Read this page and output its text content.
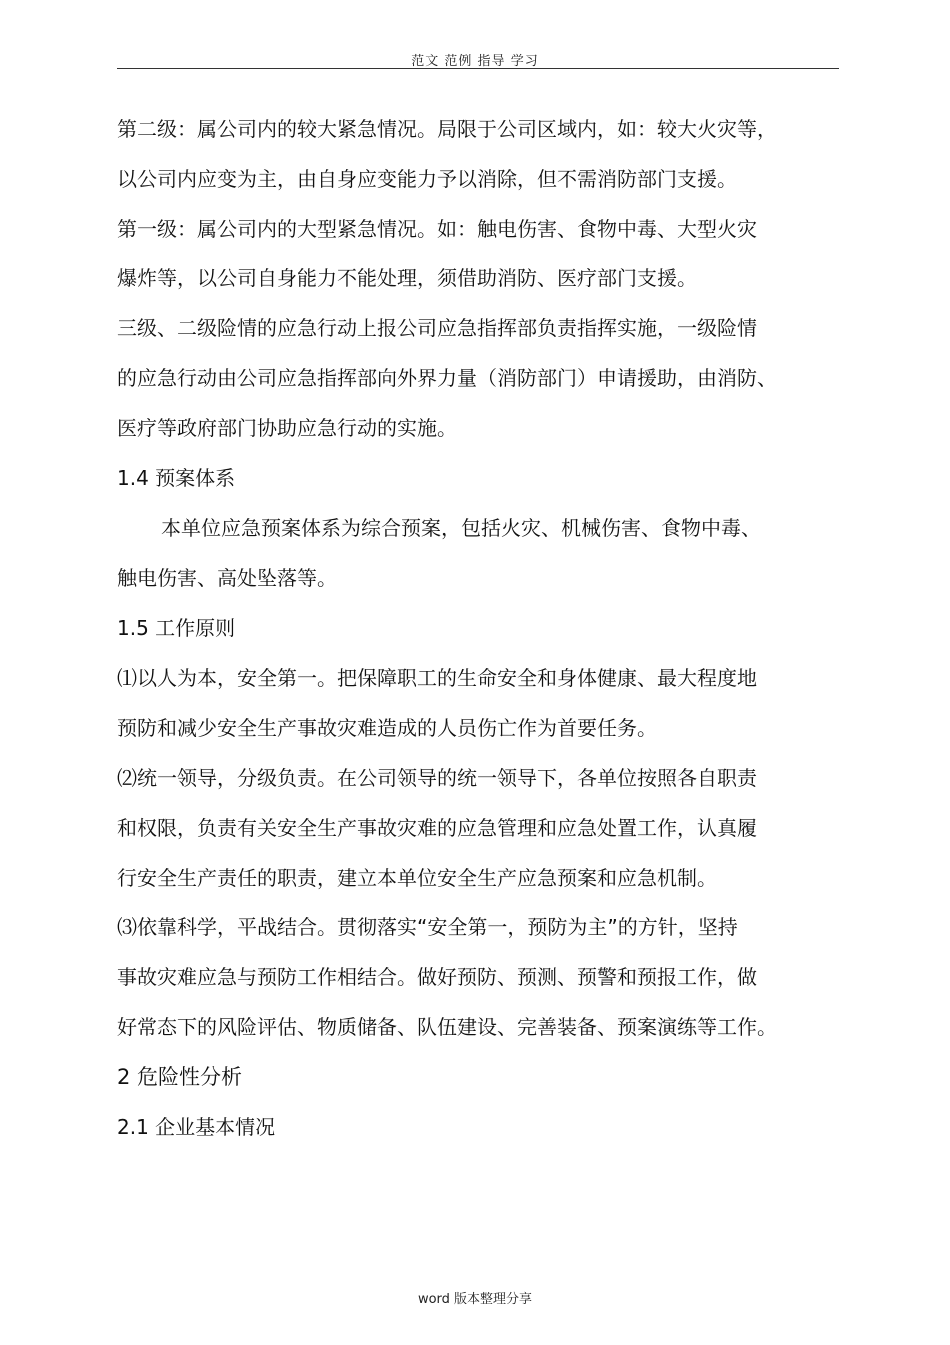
范文 范例 指导 学习
第二级：属公司内的较大紧急情况。局限于公司区域内，如：较大火灾等，
以公司内应变为主，由自身应变能力予以消除，但不需消防部门支援。
第一级：属公司内的大型紧急情况。如：触电伤害、食物中毒、大型火灾
爆炸等，以公司自身能力不能处理，须借助消防、医疗部门支援。
三级、二级险情的应急行动上报公司应急指挥部负责指挥实施，一级险情
的应急行动由公司应急指挥部向外界力量（消防部门）申请援助，由消防、
医疗等政府部门协助应急行动的实施。
1.4 预案体系
本单位应急预案体系为综合预案，包括火灾、机械伤害、食物中毒、
触电伤害、高处坠落等。
1.5 工作原则
⑴以人为本，安全第一。把保障职工的生命安全和身体健康、最大程度地
预防和减少安全生产事故灾难造成的人员伤亡作为首要任务。
⑵统一领导，分级负责。在公司领导的统一领导下，各单位按照各自职责
和权限，负责有关安全生产事故灾难的应急管理和应急处置工作，认真履
行安全生产责任的职责，建立本单位安全生产应急预案和应急机制。
⑶依靠科学，平战结合。贯彻落实“安全第一，预防为主”的方针，坚持
事故灾难应急与预防工作相结合。做好预防、预测、预警和预报工作，做
好常态下的风险评估、物质储备、队伍建设、完善装备、预案演练等工作。
2 危险性分析
2.1 企业基本情况
word 版本整理分享
